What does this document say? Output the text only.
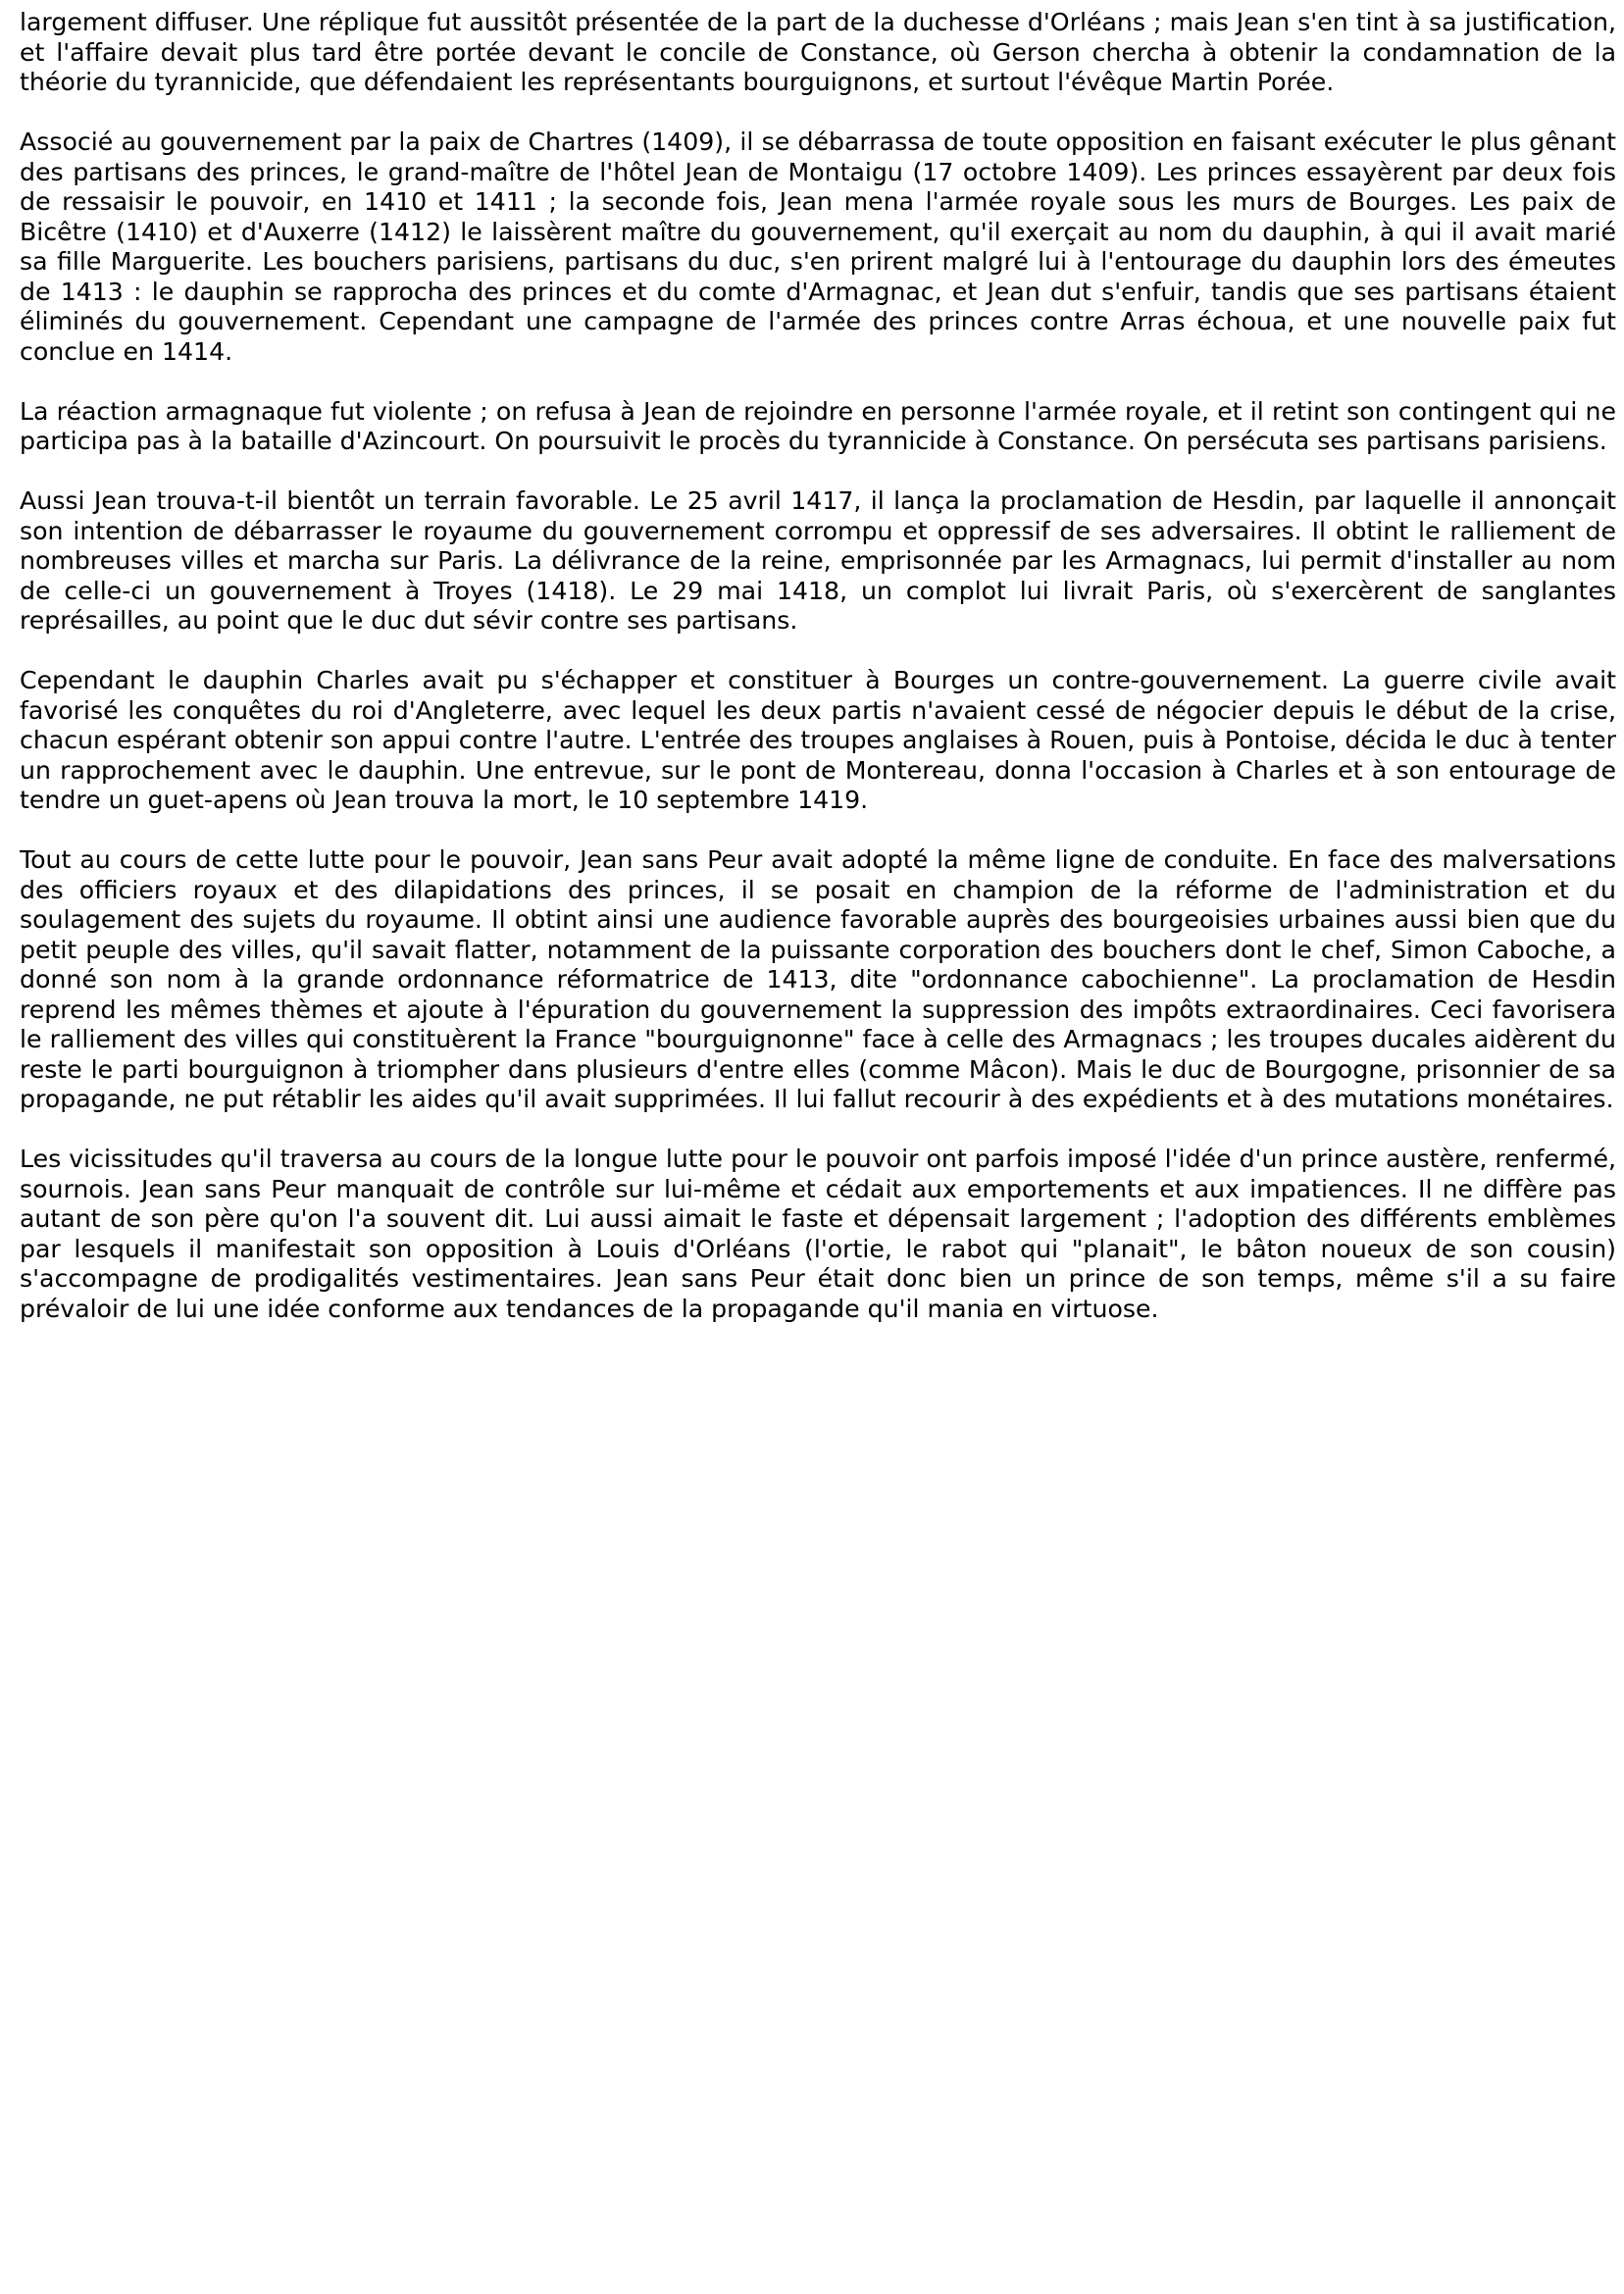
largement diffuser. Une réplique fut aussitôt présentée de la part de la duchesse d'Orléans ; mais Jean s'en tint à sa justification, et l'affaire devait plus tard être portée devant le concile de Constance, où Gerson chercha à obtenir la condamnation de la théorie du tyrannicide, que défendaient les représentants bourguignons, et surtout l'évêque Martin Porée.

Associé au gouvernement par la paix de Chartres (1409), il se débarrassa de toute opposition en faisant exécuter le plus gênant des partisans des princes, le grand-maître de l'hôtel Jean de Montaigu (17 octobre 1409). Les princes essayèrent par deux fois de ressaisir le pouvoir, en 1410 et 1411 ; la seconde fois, Jean mena l'armée royale sous les murs de Bourges. Les paix de Bicêtre (1410) et d'Auxerre (1412) le laissèrent maître du gouvernement, qu'il exerçait au nom du dauphin, à qui il avait marié sa fille Marguerite. Les bouchers parisiens, partisans du duc, s'en prirent malgré lui à l'entourage du dauphin lors des émeutes de 1413 : le dauphin se rapprocha des princes et du comte d'Armagnac, et Jean dut s'enfuir, tandis que ses partisans étaient éliminés du gouvernement. Cependant une campagne de l'armée des princes contre Arras échoua, et une nouvelle paix fut conclue en 1414.

La réaction armagnaque fut violente ; on refusa à Jean de rejoindre en personne l'armée royale, et il retint son contingent qui ne participa pas à la bataille d'Azincourt. On poursuivit le procès du tyrannicide à Constance. On persécuta ses partisans parisiens.

Aussi Jean trouva-t-il bientôt un terrain favorable. Le 25 avril 1417, il lança la proclamation de Hesdin, par laquelle il annonçait son intention de débarrasser le royaume du gouvernement corrompu et oppressif de ses adversaires. Il obtint le ralliement de nombreuses villes et marcha sur Paris. La délivrance de la reine, emprisonnée par les Armagnacs, lui permit d'installer au nom de celle-ci un gouvernement à Troyes (1418). Le 29 mai 1418, un complot lui livrait Paris, où s'exercèrent de sanglantes représailles, au point que le duc dut sévir contre ses partisans.

Cependant le dauphin Charles avait pu s'échapper et constituer à Bourges un contre-gouvernement. La guerre civile avait favorisé les conquêtes du roi d'Angleterre, avec lequel les deux partis n'avaient cessé de négocier depuis le début de la crise, chacun espérant obtenir son appui contre l'autre. L'entrée des troupes anglaises à Rouen, puis à Pontoise, décida le duc à tenter un rapprochement avec le dauphin. Une entrevue, sur le pont de Montereau, donna l'occasion à Charles et à son entourage de tendre un guet-apens où Jean trouva la mort, le 10 septembre 1419.

Tout au cours de cette lutte pour le pouvoir, Jean sans Peur avait adopté la même ligne de conduite. En face des malversations des officiers royaux et des dilapidations des princes, il se posait en champion de la réforme de l'administration et du soulagement des sujets du royaume. Il obtint ainsi une audience favorable auprès des bourgeoisies urbaines aussi bien que du petit peuple des villes, qu'il savait flatter, notamment de la puissante corporation des bouchers dont le chef, Simon Caboche, a donné son nom à la grande ordonnance réformatrice de 1413, dite "ordonnance cabochienne". La proclamation de Hesdin reprend les mêmes thèmes et ajoute à l'épuration du gouvernement la suppression des impôts extraordinaires. Ceci favorisera le ralliement des villes qui constituèrent la France "bourguignonne" face à celle des Armagnacs ; les troupes ducales aidèrent du reste le parti bourguignon à triompher dans plusieurs d'entre elles (comme Mâcon). Mais le duc de Bourgogne, prisonnier de sa propagande, ne put rétablir les aides qu'il avait supprimées. Il lui fallut recourir à des expédients et à des mutations monétaires.

Les vicissitudes qu'il traversa au cours de la longue lutte pour le pouvoir ont parfois imposé l'idée d'un prince austère, renfermé, sournois. Jean sans Peur manquait de contrôle sur lui-même et cédait aux emportements et aux impatiences. Il ne diffère pas autant de son père qu'on l'a souvent dit. Lui aussi aimait le faste et dépensait largement ; l'adoption des différents emblèmes par lesquels il manifestait son opposition à Louis d'Orléans (l'ortie, le rabot qui "planait", le bâton noueux de son cousin) s'accompagne de prodigalités vestimentaires. Jean sans Peur était donc bien un prince de son temps, même s'il a su faire prévaloir de lui une idée conforme aux tendances de la propagande qu'il mania en virtuose.
